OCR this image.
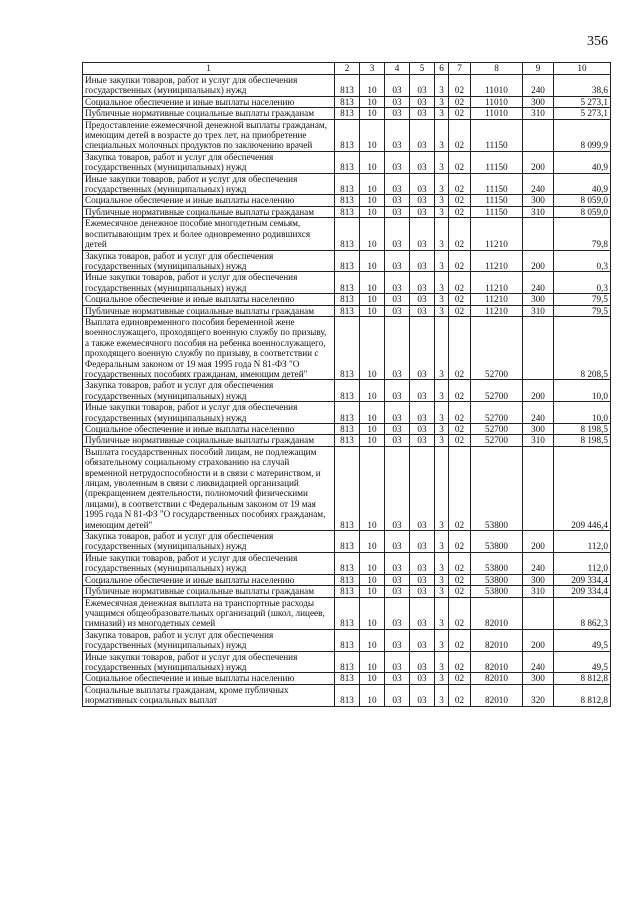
356
1	2	3	4	5	6	7	8	9	10
Иные закупки товаров, работ и услуг для обеспечения государственных (муниципальных) нужд	813	10	03	03	3	02	11010	240	38,6
Социальное обеспечение и иные выплаты населению	813	10	03	03	3	02	11010	300	5 273,1
Публичные нормативные социальные выплаты гражданам	813	10	03	03	3	02	11010	310	5 273,1
Предоставление ежемесячной денежной выплаты гражданам, имеющим детей в возрасте до трех лет, на приобретение специальных молочных продуктов по заключению врачей	813	10	03	03	3	02	11150		8 099,9
Закупка товаров, работ и услуг для обеспечения государственных (муниципальных) нужд	813	10	03	03	3	02	11150	200	40,9
Иные закупки товаров, работ и услуг для обеспечения государственных (муниципальных) нужд	813	10	03	03	3	02	11150	240	40,9
Социальное обеспечение и иные выплаты населению	813	10	03	03	3	02	11150	300	8 059,0
Публичные нормативные социальные выплаты гражданам	813	10	03	03	3	02	11150	310	8 059,0
Ежемесячное денежное пособие многодетным семьям, воспитывающим трех и более одновременно родившихся детей	813	10	03	03	3	02	11210		79,8
Закупка товаров, работ и услуг для обеспечения государственных (муниципальных) нужд	813	10	03	03	3	02	11210	200	0,3
Иные закупки товаров, работ и услуг для обеспечения государственных (муниципальных) нужд	813	10	03	03	3	02	11210	240	0,3
Социальное обеспечение и иные выплаты населению	813	10	03	03	3	02	11210	300	79,5
Публичные нормативные социальные выплаты гражданам	813	10	03	03	3	02	11210	310	79,5
Выплата единовременного пособия беременной жене военнослужащего, проходящего военную службу по призыву, а также ежемесячного пособия на ребенка военнослужащего, проходящего военную службу по призыву, в соответствии с Федеральным законом от 19 мая 1995 года N 81-ФЗ "О государственных пособиях гражданам, имеющим детей"	813	10	03	03	3	02	52700		8 208,5
Закупка товаров, работ и услуг для обеспечения государственных (муниципальных) нужд	813	10	03	03	3	02	52700	200	10,0
Иные закупки товаров, работ и услуг для обеспечения государственных (муниципальных) нужд	813	10	03	03	3	02	52700	240	10,0
Социальное обеспечение и иные выплаты населению	813	10	03	03	3	02	52700	300	8 198,5
Публичные нормативные социальные выплаты гражданам	813	10	03	03	3	02	52700	310	8 198,5
Выплата государственных пособий лицам, не подлежащим обязательному социальному страхованию на случай временной нетрудоспособности и в связи с материнством, и лицам, уволенным в связи с ликвидацией организаций (прекращением деятельности, полномочий физическими лицами), в соответствии с Федеральным законом от 19 мая 1995 года N 81-ФЗ "О государственных пособиях гражданам, имеющим детей"	813	10	03	03	3	02	53800		209 446,4
Закупка товаров, работ и услуг для обеспечения государственных (муниципальных) нужд	813	10	03	03	3	02	53800	200	112,0
Иные закупки товаров, работ и услуг для обеспечения государственных (муниципальных) нужд	813	10	03	03	3	02	53800	240	112,0
Социальное обеспечение и иные выплаты населению	813	10	03	03	3	02	53800	300	209 334,4
Публичные нормативные социальные выплаты гражданам	813	10	03	03	3	02	53800	310	209 334,4
Ежемесячная денежная выплата на транспортные расходы учащимся общеобразовательных организаций (школ, лицеев, гимназий) из многодетных семей	813	10	03	03	3	02	82010		8 862,3
Закупка товаров, работ и услуг для обеспечения государственных (муниципальных) нужд	813	10	03	03	3	02	82010	200	49,5
Иные закупки товаров, работ и услуг для обеспечения государственных (муниципальных) нужд	813	10	03	03	3	02	82010	240	49,5
Социальное обеспечение и иные выплаты населению	813	10	03	03	3	02	82010	300	8 812,8
Социальные выплаты гражданам, кроме публичных нормативных социальных выплат	813	10	03	03	3	02	82010	320	8 812,8
